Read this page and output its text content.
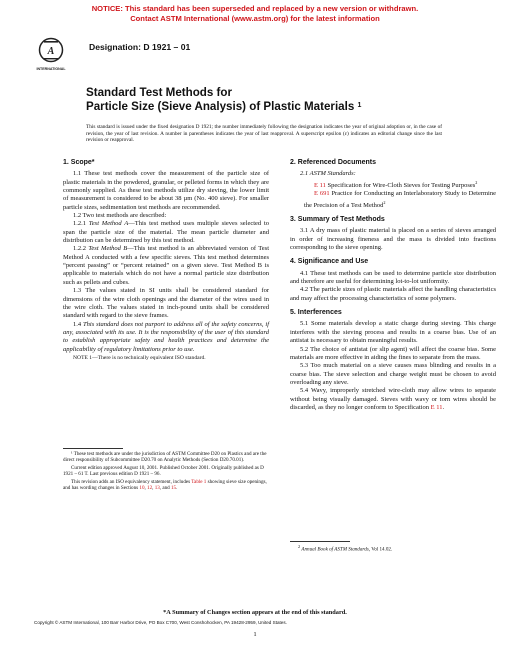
NOTICE: This standard has been superseded and replaced by a new version or withdrawn.
Contact ASTM International (www.astm.org) for the latest information
A
INTERNATIONAL
Designation: D 1921 – 01
Standard Test Methods for
Particle Size (Sieve Analysis) of Plastic Materials $^1$
This standard is issued under the fixed designation D 1921; the number immediately following the designation indicates the year of original adoption or, in the case of revision, the year of last revision. A number in parentheses indicates the year of last reapproval. A superscript epsilon (ε) indicates an editorial change since the last revision or reapproval.
1. Scope*

1.1 These test methods cover the measurement of the particle size of plastic materials in the powdered, granular, or pelleted forms in which they are commonly supplied. As these test methods utilize dry sieving, the lower limit of measurement is considered to be about 38 µm (No. 400 sieve). For smaller particle sizes, sedimentation test methods are recommended.

1.2 Two test methods are described:

1.2.1 Test Method A—This test method uses multiple sieves selected to span the particle size of the material. The mean particle diameter and distribution can be determined by this test method.

1.2.2 Test Method B—This test method is an abbreviated version of Test Method A conducted with a few specific sieves. This test method determines “percent passing” or “percent retained” on a given sieve. Test Method B is applicable to materials which do not have a normal particle size distribution such as pellets and cubes.

1.3 The values stated in SI units shall be considered standard for dimensions of the wire cloth openings and the diameter of the wires used in the wire cloth. The values stated in inch-pound units shall be considered standard with regard to the sieve frames.

1.4 This standard does not purport to address all of the safety concerns, if any, associated with its use. It is the responsibility of the user of this standard to establish appropriate safety and health practices and determine the applicability of regulatory limitations prior to use.

NOTE 1—There is no technically equivalent ISO standard.

¹ These test methods are under the jurisdiction of ASTM Committee D20 on Plastics and are the direct responsibility of Subcommittee D20.70 on Analytic Methods (Section D20.70.01).

Current edition approved August 10, 2001. Published October 2001. Originally published as D 1921 – 61 T. Last previous edition D 1921 – 96.

This revision adds an ISO equivalency statement, includes Table 1 showing sieve size openings, and has wording changes in Sections 10, 12, 13, and 15.

2. Referenced Documents

2.1 ASTM Standards:

E 11 Specification for Wire-Cloth Sieves for Testing Purposes$^2$

E 691 Practice for Conducting an Interlaboratory Study to Determine the Precision of a Test Method$^2$

3. Summary of Test Methods

3.1 A dry mass of plastic material is placed on a series of sieves arranged in order of increasing fineness and the mass is divided into fractions corresponding to the sieve opening.

4. Significance and Use

4.1 These test methods can be used to determine particle size distribution and therefore are useful for determining lot-to-lot uniformity.

4.2 The particle sizes of plastic materials affect the handling characteristics and may affect the processing characteristics of some polymers.

5. Interferences

5.1 Some materials develop a static charge during sieving. This charge interferes with the sieving process and results in a coarse bias. Use of an antistat is necessary to obtain meaningful results.

5.2 The choice of antistat (or slip agent) will affect the coarse bias. Some materials are more effective in aiding the fines to separate from the mass.

5.3 Too much material on a sieve causes mass blinding and results in a coarse bias. The sieve selection and charge weight must be chosen to avoid overloading any sieve.

5.4 Wavy, improperly stretched wire-cloth may allow wires to separate without being visually damaged. Sieves with wavy or torn wires should be discarded, as they no longer conform to Specification E 11.

$^2$ Annual Book of ASTM Standards, Vol 14.02.
*A Summary of Changes section appears at the end of this standard.
Copyright © ASTM International, 100 Barr Harbor Drive, PO Box C700, West Conshohocken, PA 19428-2959, United States.
1
